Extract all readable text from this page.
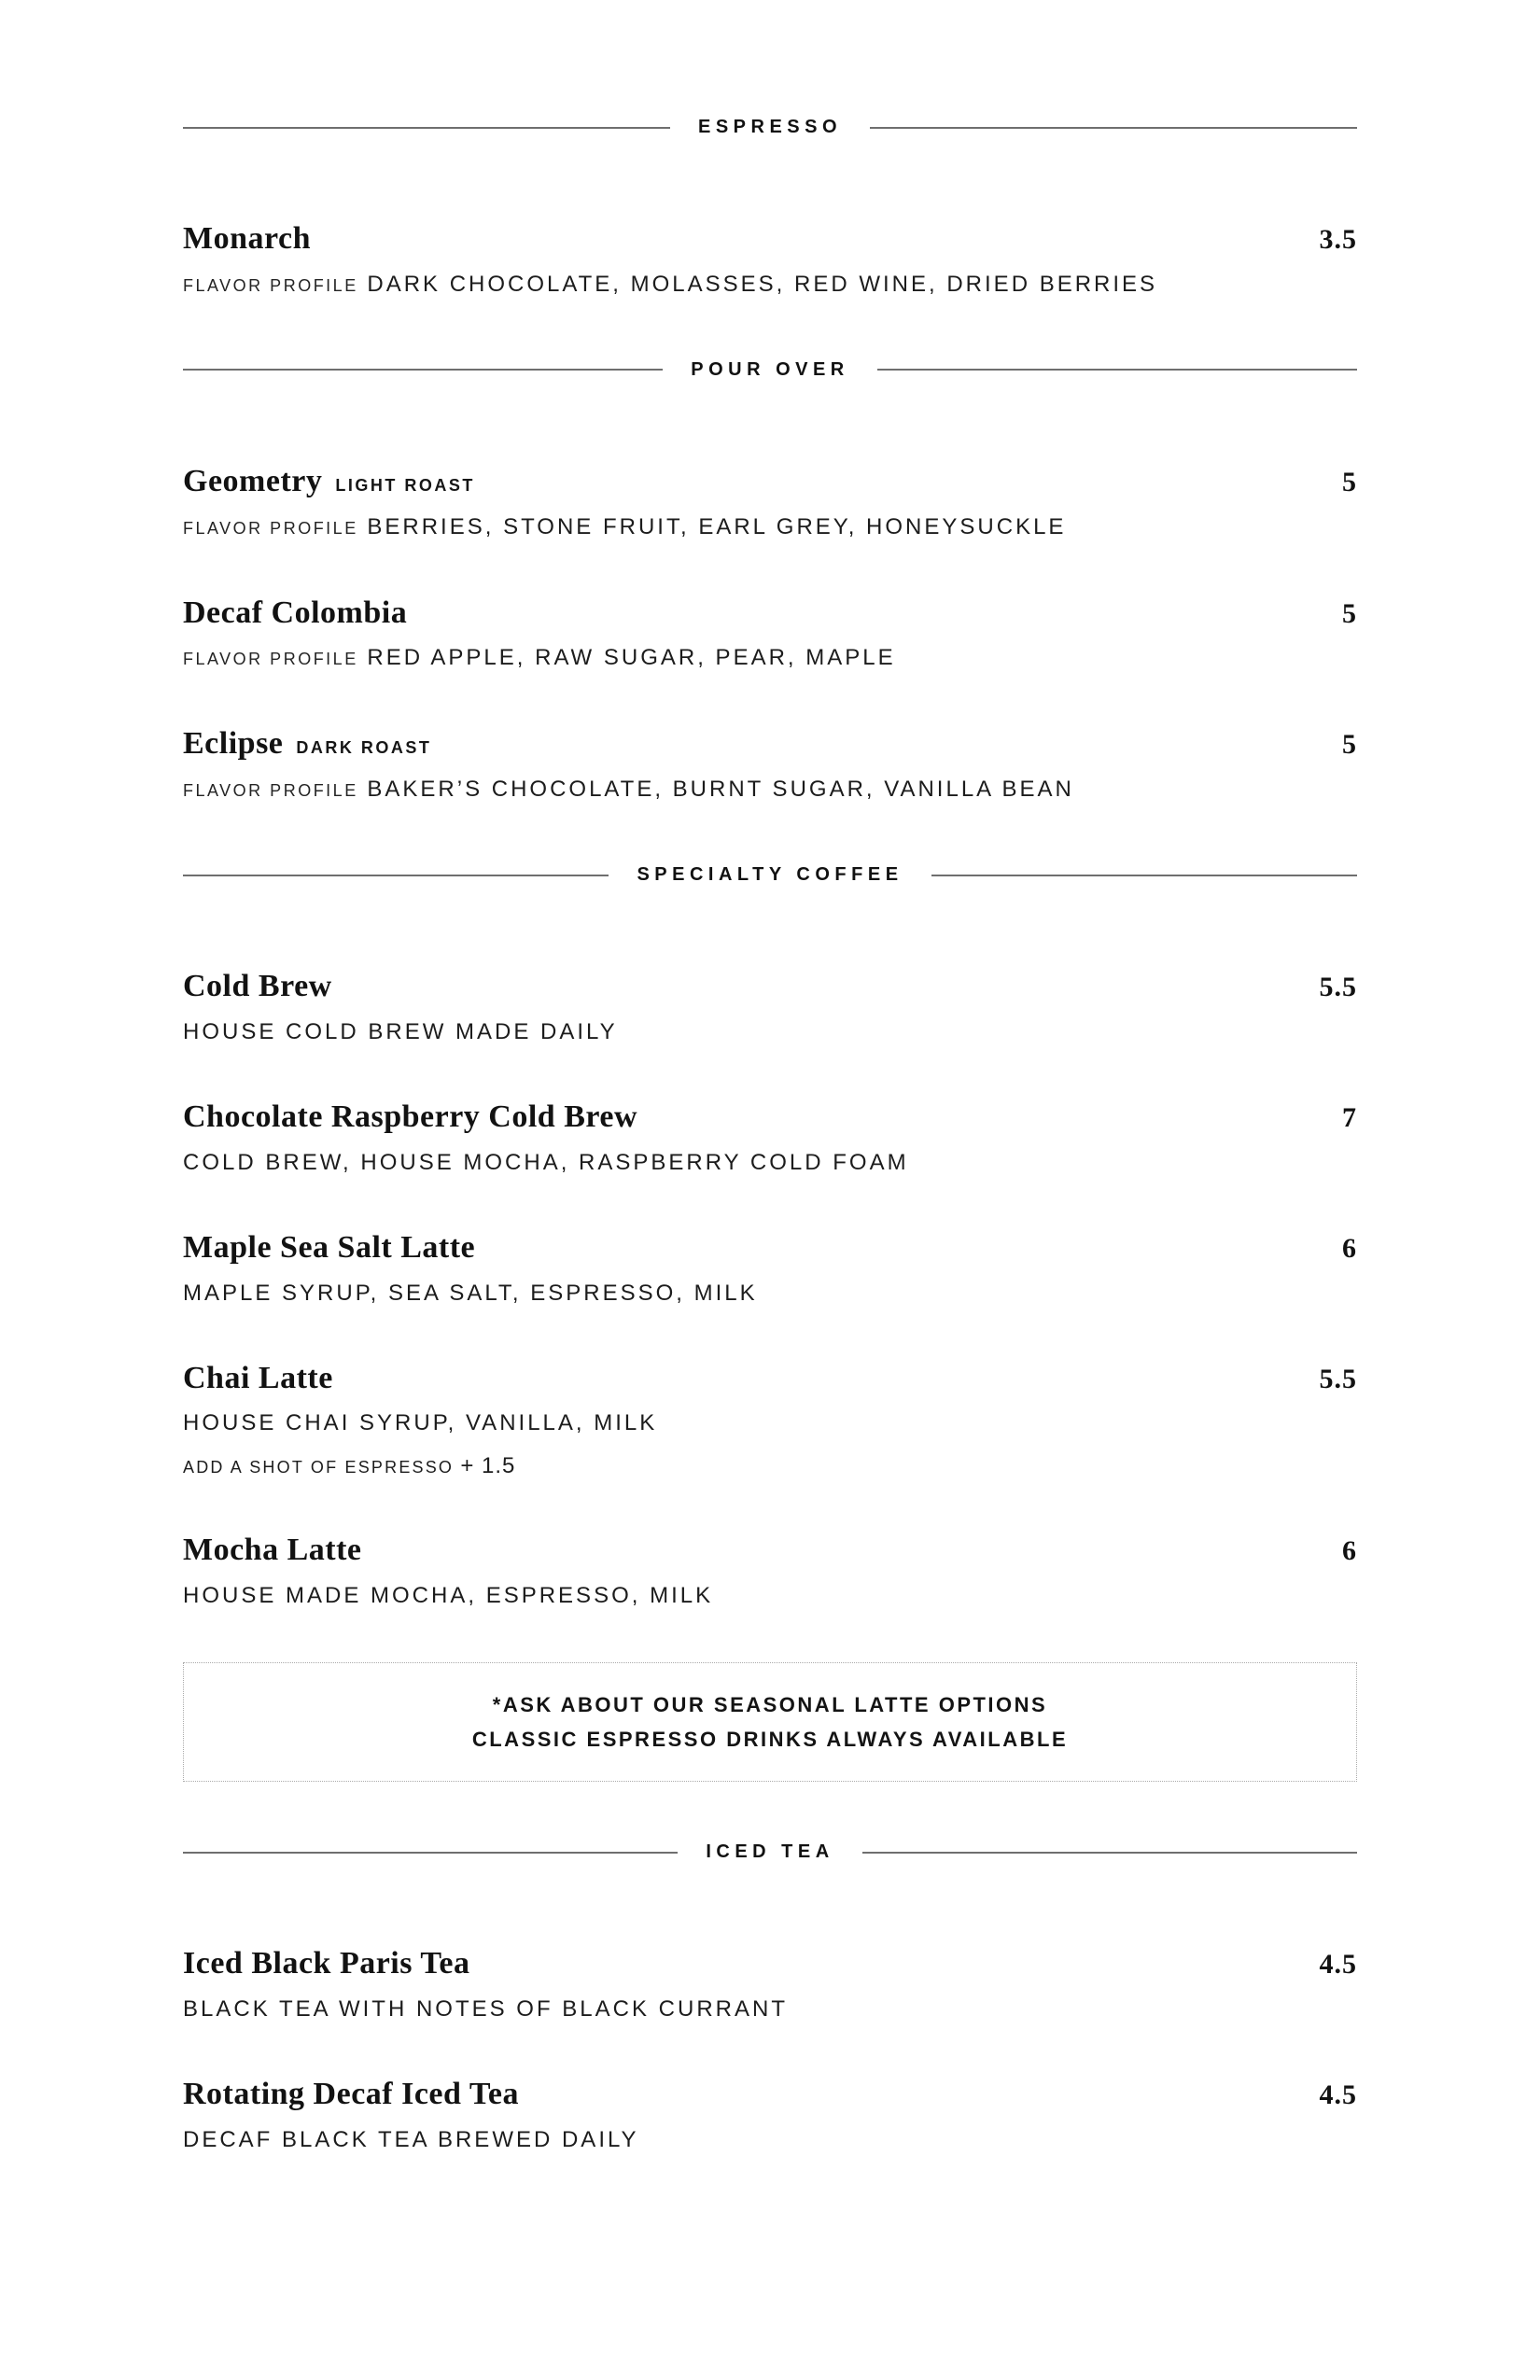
ESPRESSO
Monarch	3.5

FLAVOR PROFILE DARK CHOCOLATE, MOLASSES, RED WINE, DRIED BERRIES

POUR OVER
Geometry LIGHT ROAST	5

FLAVOR PROFILE BERRIES, STONE FRUIT, EARL GREY, HONEYSUCKLE

Decaf Colombia	5

FLAVOR PROFILE RED APPLE, RAW SUGAR, PEAR, MAPLE

Eclipse DARK ROAST	5

FLAVOR PROFILE BAKER’S CHOCOLATE, BURNT SUGAR, VANILLA BEAN

SPECIALTY COFFEE
Cold Brew	5.5

HOUSE COLD BREW MADE DAILY

Chocolate Raspberry Cold Brew	7

COLD BREW, HOUSE MOCHA, RASPBERRY COLD FOAM

Maple Sea Salt Latte	6

MAPLE SYRUP, SEA SALT, ESPRESSO, MILK

Chai Latte	5.5

HOUSE CHAI SYRUP, VANILLA, MILK

ADD A SHOT OF ESPRESSO + 1.5

Mocha Latte	6

HOUSE MADE MOCHA, ESPRESSO, MILK

*ASK ABOUT OUR SEASONAL LATTE OPTIONS

CLASSIC ESPRESSO DRINKS ALWAYS AVAILABLE

ICED TEA
Iced Black Paris Tea	4.5

BLACK TEA WITH NOTES OF BLACK CURRANT

Rotating Decaf Iced Tea	4.5

DECAF BLACK TEA BREWED DAILY
